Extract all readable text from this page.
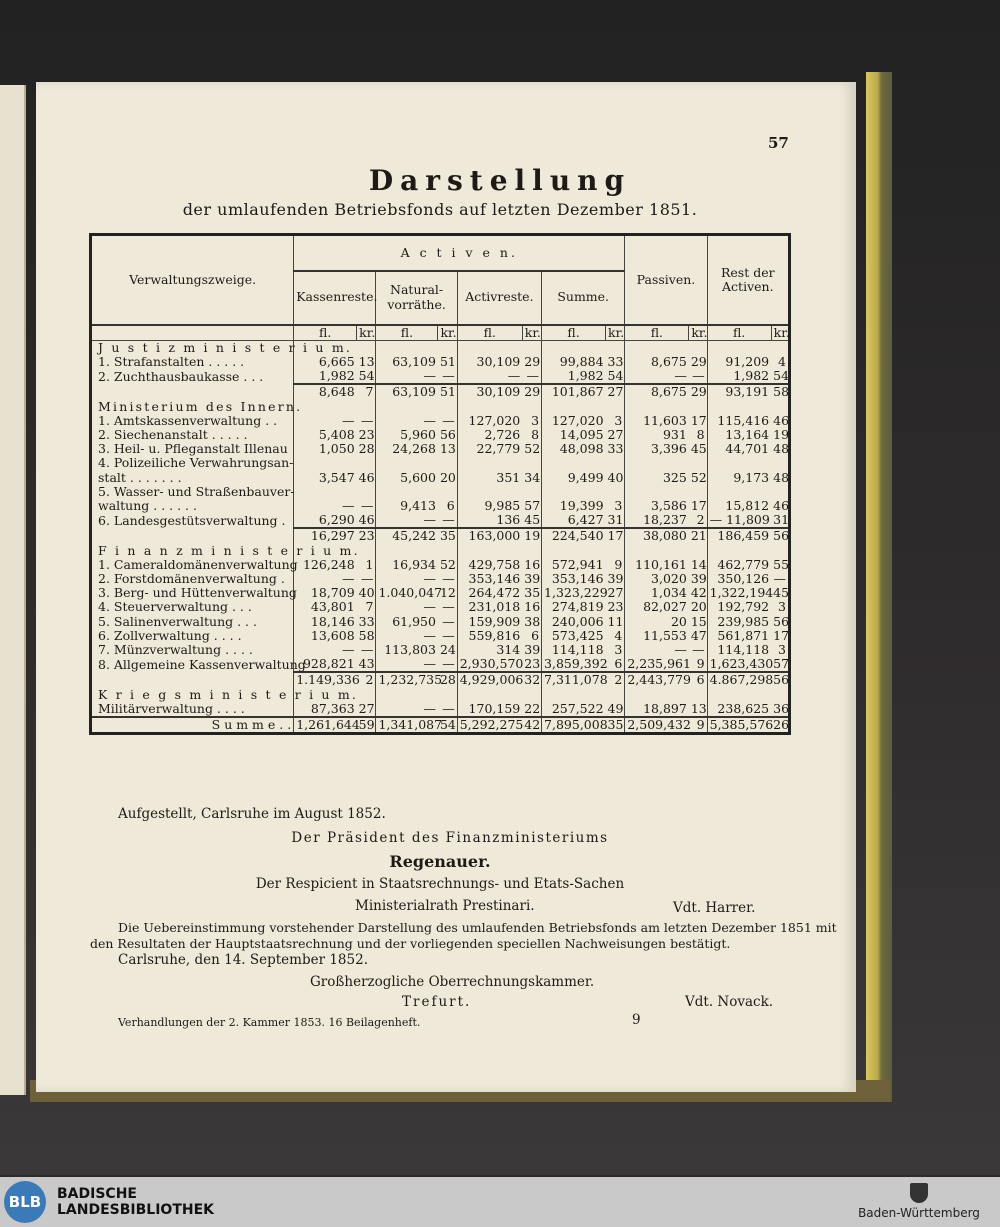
57
Darstellung
der umlaufenden Betriebsfonds auf letzten Dezember 1851.
Verwaltungszweige.	A c t i v e n.								Passiven.		Rest der Activen.	
	Kassenreste.		Natural-vorräthe.		Activreste.		Summe.					
	fl.	kr.	fl.	kr.	fl.	kr.	fl.	kr.	fl.	kr.	fl.	kr.
J u s t i z m i n i s t e r i u m.												
1. Strafanstalten . . . . .	6,665	13	63,109	51	30,109	29	99,884	33	8,675	29	91,209	4
2. Zuchthausbaukasse . . .	1,982	54	—	—	—	—	1,982	54	—	—	1,982	54
	8,648	7	63,109	51	30,109	29	101,867	27	8,675	29	93,191	58
Ministerium des Innern.												
1. Amtskassenverwaltung . .	—	—	—	—	127,020	3	127,020	3	11,603	17	115,416	46
2. Siechenanstalt . . . . .	5,408	23	5,960	56	2,726	8	14,095	27	931	8	13,164	19
3. Heil- u. Pfleganstalt Illenau	1,050	28	24,268	13	22,779	52	48,098	33	3,396	45	44,701	48
4. Polizeiliche Verwahrungsan-												
stalt . . . . . . .	3,547	46	5,600	20	351	34	9,499	40	325	52	9,173	48
5. Wasser- und Straßenbauver-												
waltung . . . . . .	—	—	9,413	6	9,985	57	19,399	3	3,586	17	15,812	46
6. Landesgestütsverwaltung .	6,290	46	—	—	136	45	6,427	31	18,237	2	— 11,809	31
	16,297	23	45,242	35	163,000	19	224,540	17	38,080	21	186,459	56
F i n a n z m i n i s t e r i u m.												
1. Cameraldomänenverwaltung	126,248	1	16,934	52	429,758	16	572,941	9	110,161	14	462,779	55
2. Forstdomänenverwaltung .	—	—	—	—	353,146	39	353,146	39	3,020	39	350,126	—
3. Berg- und Hüttenverwaltung	18,709	40	1.040,047	12	264,472	35	1,323,229	27	1,034	42	1,322,194	45
4. Steuerverwaltung . . .	43,801	7	—	—	231,018	16	274,819	23	82,027	20	192,792	3
5. Salinenverwaltung . . .	18,146	33	61,950	—	159,909	38	240,006	11	20	15	239,985	56
6. Zollverwaltung . . . .	13,608	58	—	—	559,816	6	573,425	4	11,553	47	561,871	17
7. Münzverwaltung . . . .	—	—	113,803	24	314	39	114,118	3	—	—	114,118	3
8. Allgemeine Kassenverwaltung	928,821	43	—	—	2,930,570	23	3,859,392	6	2,235,961	9	1,623,430	57
	1.149,336	2	1,232,735	28	4,929,006	32	7,311,078	2	2,443,779	6	4.867,298	56
K r i e g s m i n i s t e r i u m.												
Militärverwaltung . . . .	87,363	27	—	—	170,159	22	257,522	49	18,897	13	238,625	36
S u m m e . .	1,261,644	59	1,341,087	54	5,292,275	42	7,895,008	35	2,509,432	9	5,385,576	26
Aufgestellt, Carlsruhe im August 1852.
Der Präsident des Finanzministeriums
Regenauer.
Der Respicient in Staatsrechnungs- und Etats-Sachen
Ministerialrath Prestinari.	Vdt. Harrer.
Die Uebereinstimmung vorstehender Darstellung des umlaufenden Betriebsfonds am letzten Dezember 1851 mit
den Resultaten der Hauptstaatsrechnung und der vorliegenden speciellen Nachweisungen bestätigt.
Carlsruhe, den 14. September 1852.
Großherzogliche Oberrechnungskammer.
Trefurt.	Vdt. Novack.
Verhandlungen der 2. Kammer 1853. 16 Beilagenheft.	9
BLB	BADISCHE
LANDESBIBLIOTHEK	Baden-Württemberg
